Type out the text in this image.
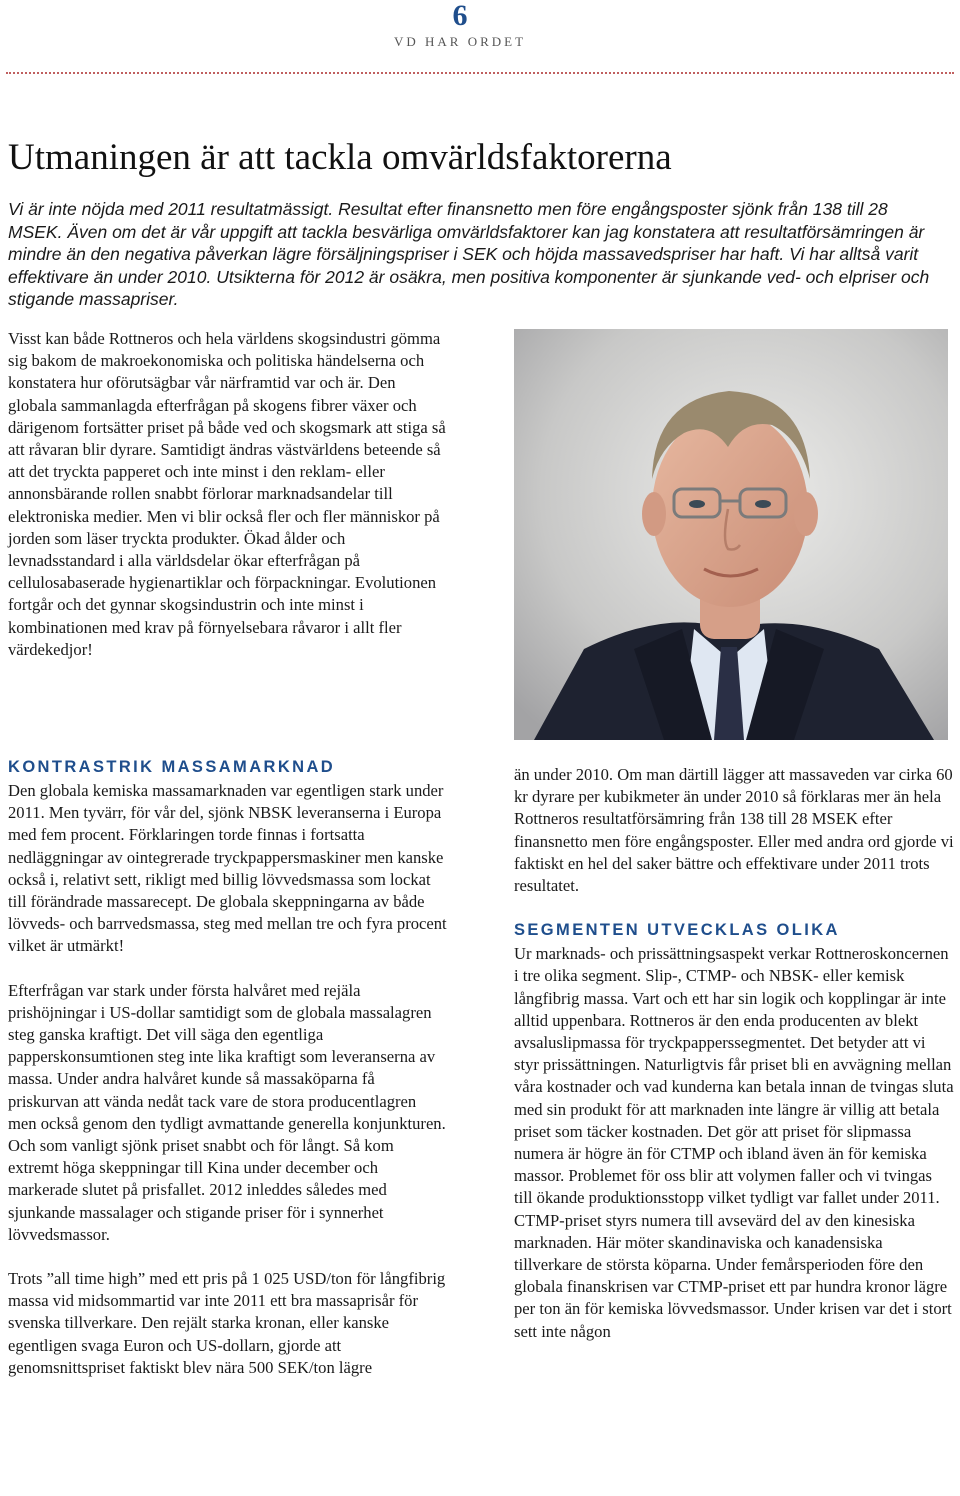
6
VD HAR ORDET
Utmaningen är att tackla omvärldsfaktorerna

Vi är inte nöjda med 2011 resultatmässigt. Resultat efter finansnetto men före engångsposter sjönk från 138 till 28 MSEK. Även om det är vår uppgift att tackla besvärliga omvärldsfaktorer kan jag konstatera att resultatförsämringen är mindre än den negativa påverkan lägre försäljningspriser i SEK och höjda massavedspriser har haft. Vi har alltså varit effektivare än under 2010. Utsikterna för 2012 är osäkra, men positiva komponenter är sjunkande ved- och elpriser och stigande massapriser.

Visst kan både Rottneros och hela världens skogsindustri gömma sig bakom de makroekonomiska och politiska händelserna och konstatera hur oförutsägbar vår närframtid var och är. Den globala sammanlagda efterfrågan på skogens fibrer växer och därigenom fortsätter priset på både ved och skogsmark att stiga så att råvaran blir dyrare. Samtidigt ändras västvärldens beteende så att det tryckta papperet och inte minst i den reklam- eller annonsbärande rollen snabbt förlorar marknadsandelar till elektroniska medier. Men vi blir också fler och fler människor på jorden som läser tryckta produkter. Ökad ålder och levnadsstandard i alla världsdelar ökar efterfrågan på cellulosabaserade hygienartiklar och förpackningar. Evolutionen fortgår och det gynnar skogsindustrin och inte minst i kombinationen med krav på förnyelsebara råvaror i allt fler värdekedjor!

KONTRASTRIK MASSAMARKNAD

Den globala kemiska massamarknaden var egentligen stark under 2011. Men tyvärr, för vår del, sjönk NBSK leveranserna i Europa med fem procent. Förklaringen torde finnas i fortsatta nedläggningar av ointegrerade tryckpappersmaskiner men kanske också i, relativt sett, rikligt med billig lövvedsmassa som lockat till förändrade massarecept. De globala skeppningarna av både lövveds- och barrvedsmassa, steg med mellan tre och fyra procent vilket är utmärkt!

Efterfrågan var stark under första halvåret med rejäla prishöjningar i US-dollar samtidigt som de globala massalagren steg ganska kraftigt. Det vill säga den egentliga papperskonsumtionen steg inte lika kraftigt som leveranserna av massa. Under andra halvåret kunde så massaköparna få priskurvan att vända nedåt tack vare de stora producentlagren men också genom den tydligt avmattande generella konjunkturen. Och som vanligt sjönk priset snabbt och för långt. Så kom extremt höga skeppningar till Kina under december och markerade slutet på prisfallet. 2012 inleddes således med sjunkande massalager och stigande priser för i synnerhet lövvedsmassor.

Trots ”all time high” med ett pris på 1 025 USD/ton för långfibrig massa vid midsommartid var inte 2011 ett bra massaprisår för svenska tillverkare. Den rejält starka kronan, eller kanske egentligen svaga Euron och US-dollarn, gjorde att genomsnittspriset faktiskt blev nära 500 SEK/ton lägre

än under 2010. Om man därtill lägger att massaveden var cirka 60 kr dyrare per kubikmeter än under 2010 så förklaras mer än hela Rottneros resultatförsämring från 138 till 28 MSEK efter finansnetto men före engångsposter. Eller med andra ord gjorde vi faktiskt en hel del saker bättre och effektivare under 2011 trots resultatet.

SEGMENTEN UTVECKLAS OLIKA

Ur marknads- och prissättningsaspekt verkar Rottneroskoncernen i tre olika segment. Slip-, CTMP- och NBSK- eller kemisk långfibrig massa. Vart och ett har sin logik och kopplingar är inte alltid uppenbara. Rottneros är den enda producenten av blekt avsaluslipmassa för tryckpapperssegmentet. Det betyder att vi styr prissättningen. Naturligtvis får priset bli en avvägning mellan våra kostnader och vad kunderna kan betala innan de tvingas sluta med sin produkt för att marknaden inte längre är villig att betala priset som täcker kostnaden. Det gör att priset för slipmassa numera är högre än för CTMP och ibland även än för kemiska massor. Problemet för oss blir att volymen faller och vi tvingas till ökande produktionsstopp vilket tydligt var fallet under 2011. CTMP-priset styrs numera till avsevärd del av den kinesiska marknaden. Här möter skandinaviska och kanadensiska tillverkare de största köparna. Under femårsperioden före den globala finanskrisen var CTMP-priset ett par hundra kronor lägre per ton än för kemiska lövvedsmassor. Under krisen var det i stort sett inte någon
